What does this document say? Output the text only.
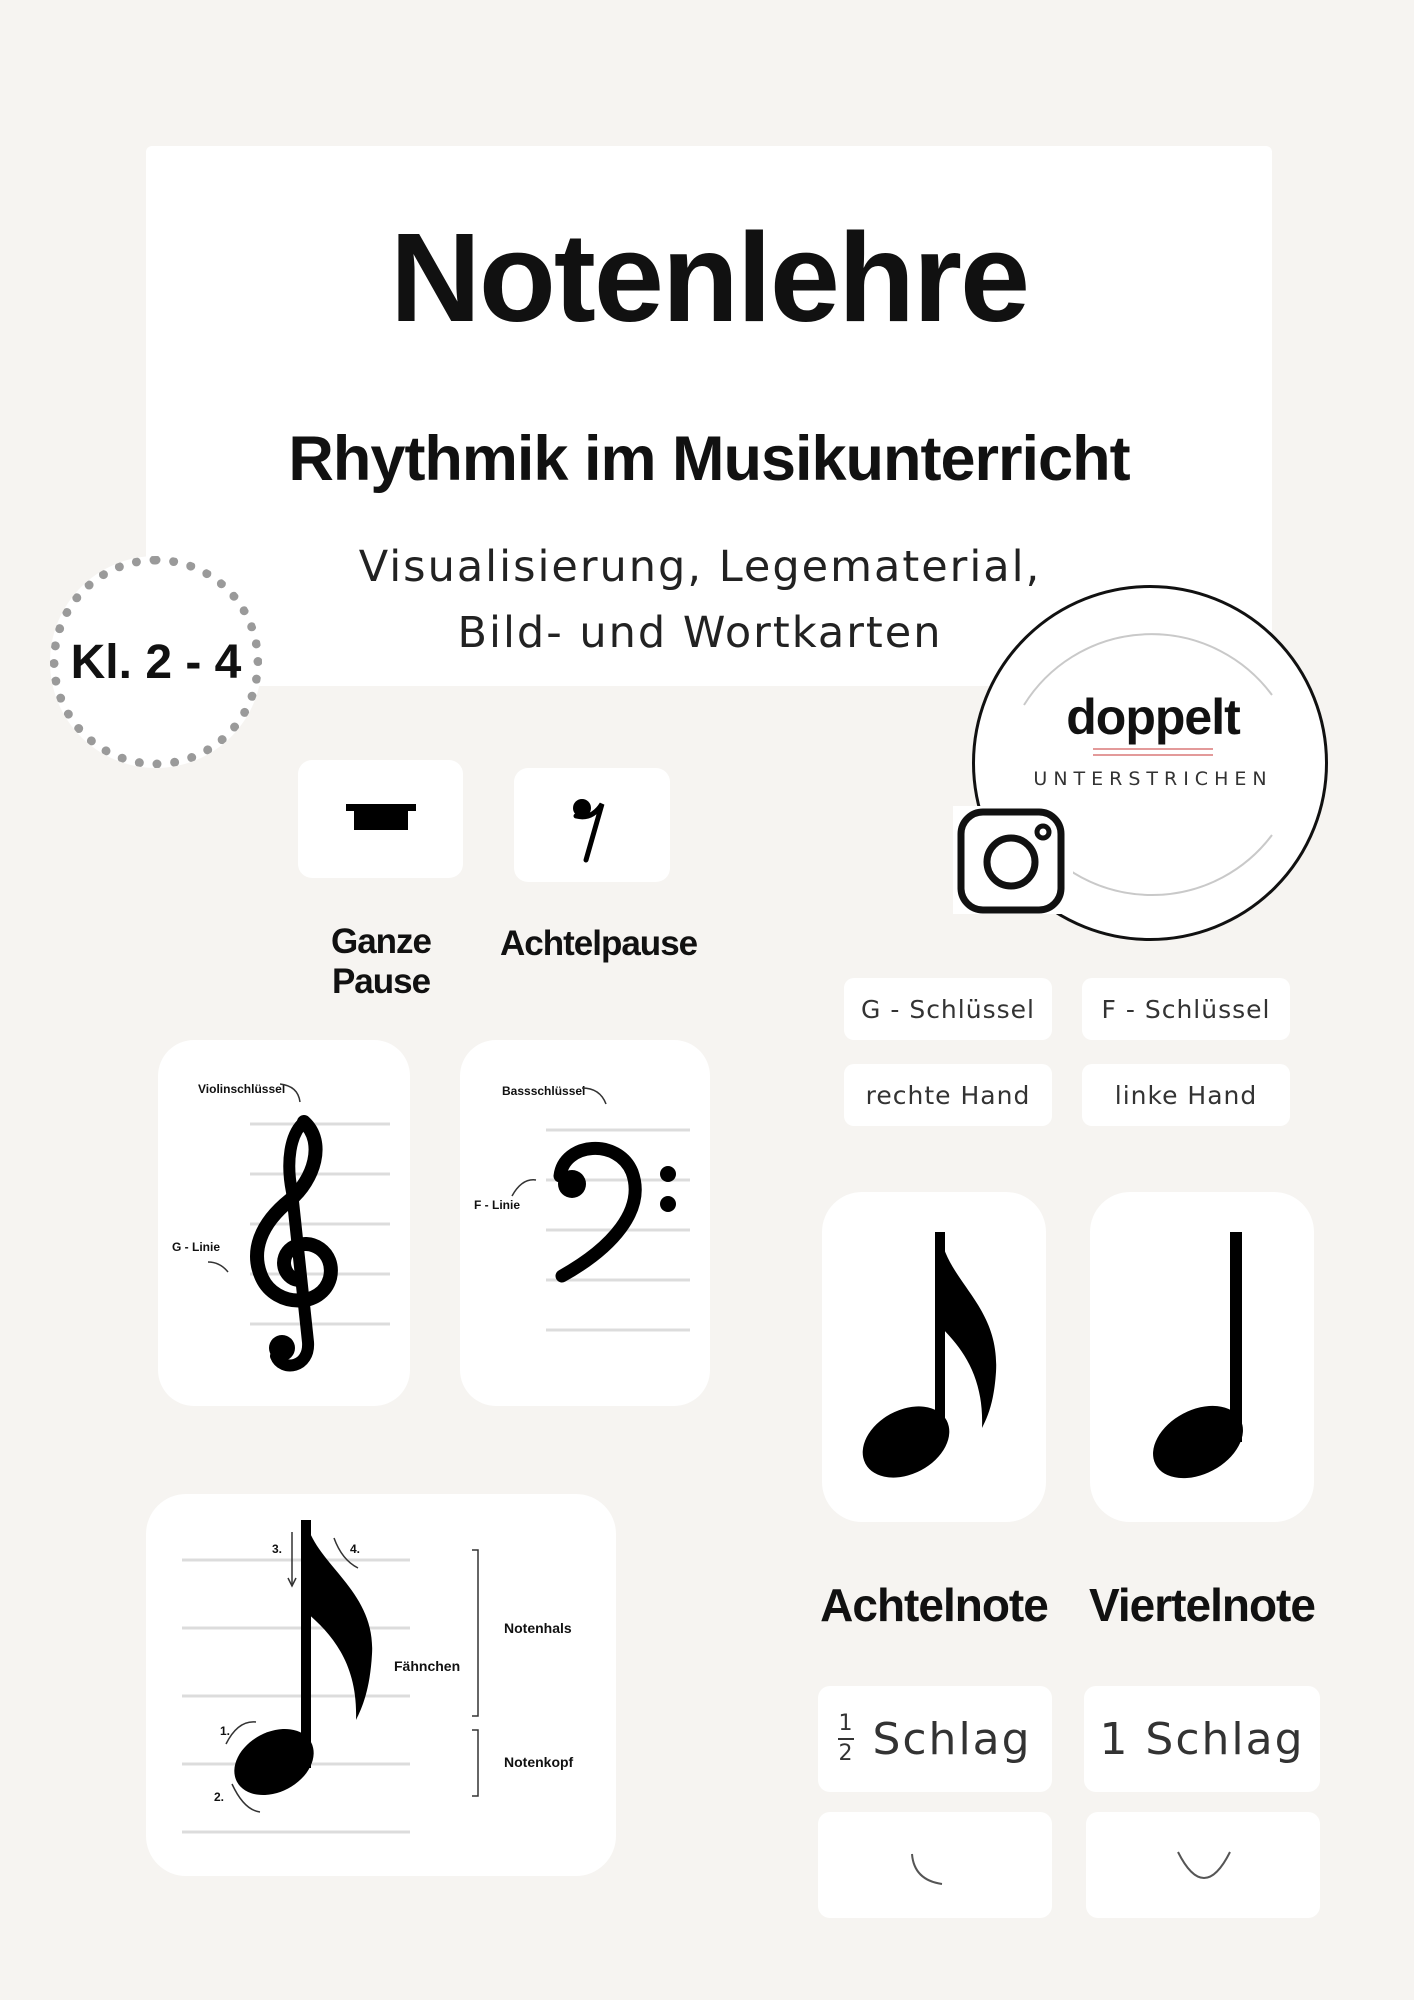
Notenlehre
Rhythmik im Musikunterricht
Visualisierung, Legematerial,
Bild- und Wortkarten
Kl. 2 - 4
doppelt
UNTERSTRICHEN
Ganze Pause
Achtelpause
G - Schlüssel	F - Schlüssel
rechte Hand	linke Hand
Violinschlüssel
G - Linie
Bassschlüssel
F - Linie
3.	4.
1.
2.
Fähnchen
Notenhals
Notenkopf
Achtelnote Viertelnote
1
2 Schlag	1 Schlag
